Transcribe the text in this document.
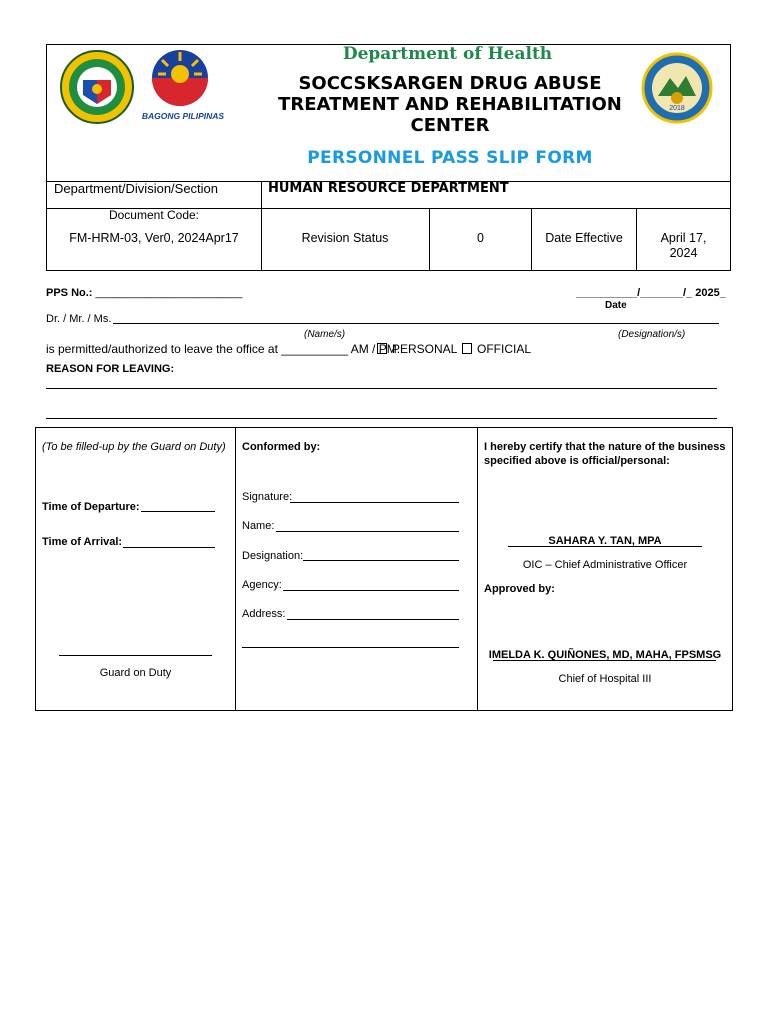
BAGONG PILIPINAS
Department of Health
SOCCSKSARGEN DRUG ABUSE
TREATMENT AND REHABILITATION
CENTER
PERSONNEL PASS SLIP FORM
2018
Department/Division/Section	HUMAN RESOURCE DEPARTMENT
Document Code:
FM-HRM-03, Ver0, 2024Apr17	Revision Status	0	Date Effective	April 17,
2024
PPS No.: ________________________	__________/_______/_ 2025_
Date
Dr. / Mr. / Ms.
(Name/s)	(Designation/s)
is permitted/authorized to leave the office at __________ AM / PM.
PERSONAL	OFFICIAL
REASON FOR LEAVING:
(To be filled-up by the Guard on Duty)
Time of Departure:
Time of Arrival:
Guard on Duty
Conformed by:
Signature:
Name:
Designation:
Agency:
Address:
I hereby certify that the nature of the business specified above is official/personal:
SAHARA Y. TAN, MPA
OIC – Chief Administrative Officer
Approved by:
IMELDA K. QUIÑONES, MD, MAHA, FPSMSG
Chief of Hospital III
